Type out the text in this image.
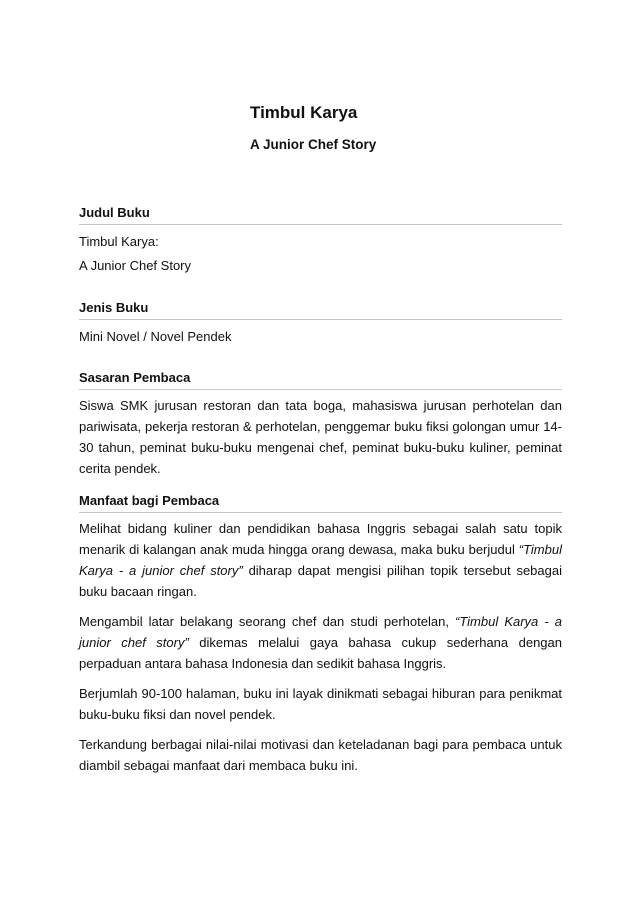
Timbul Karya
A Junior Chef Story
Judul Buku
Timbul Karya:
A Junior Chef Story
Jenis Buku
Mini Novel / Novel Pendek
Sasaran Pembaca
Siswa SMK jurusan restoran dan tata boga, mahasiswa jurusan perhotelan dan pariwisata, pekerja restoran & perhotelan, penggemar buku fiksi golongan umur 14-30 tahun, peminat buku-buku mengenai chef, peminat buku-buku kuliner, peminat cerita pendek.
Manfaat bagi Pembaca
Melihat bidang kuliner dan pendidikan bahasa Inggris sebagai salah satu topik menarik di kalangan anak muda hingga orang dewasa, maka buku berjudul “Timbul Karya - a junior chef story” diharap dapat mengisi pilihan topik tersebut sebagai buku bacaan ringan.
Mengambil latar belakang seorang chef dan studi perhotelan, “Timbul Karya - a junior chef story” dikemas melalui gaya bahasa cukup sederhana dengan perpaduan antara bahasa Indonesia dan sedikit bahasa Inggris.
Berjumlah 90-100 halaman, buku ini layak dinikmati sebagai hiburan para penikmat buku-buku fiksi dan novel pendek.
Terkandung berbagai nilai-nilai motivasi dan keteladanan bagi para pembaca untuk diambil sebagai manfaat dari membaca buku ini.
